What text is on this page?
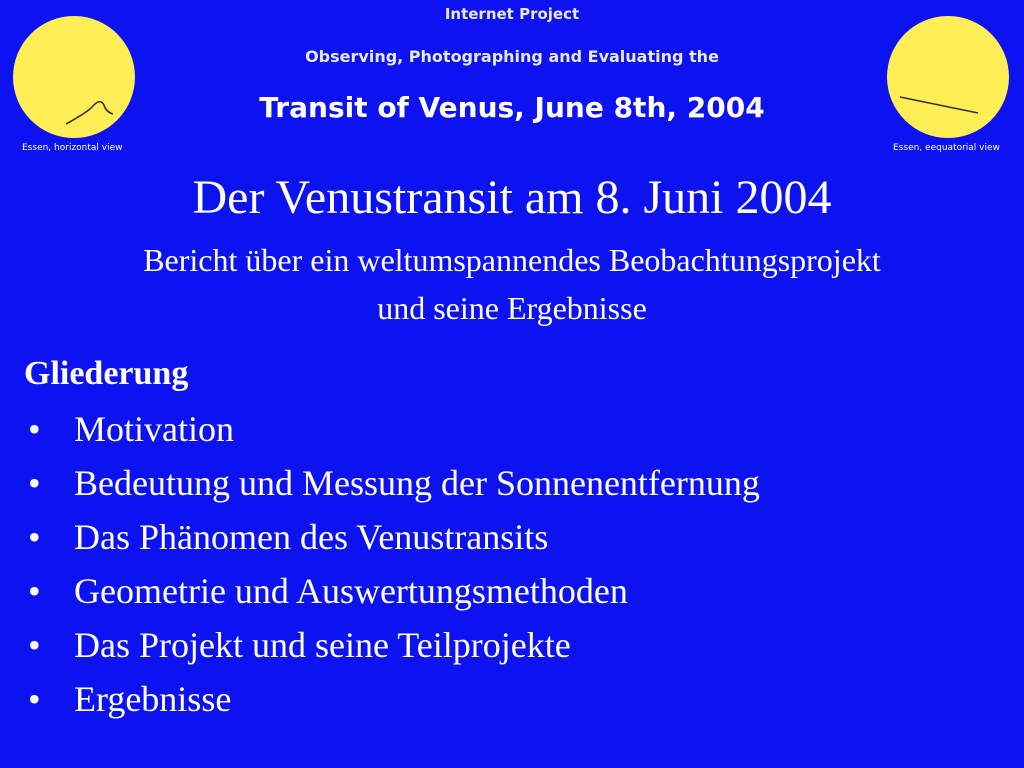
Essen, horizontal view
Internet Project
Observing, Photographing and Evaluating the
Transit of Venus, June 8th, 2004
Essen, eequatorial view
Der Venustransit am 8. Juni 2004
Bericht über ein weltumspannendes Beobachtungsprojekt
und seine Ergebnisse
Gliederung
• Motivation
• Bedeutung und Messung der Sonnenentfernung
• Das Phänomen des Venustransits
• Geometrie und Auswertungsmethoden
• Das Projekt und seine Teilprojekte
• Ergebnisse
